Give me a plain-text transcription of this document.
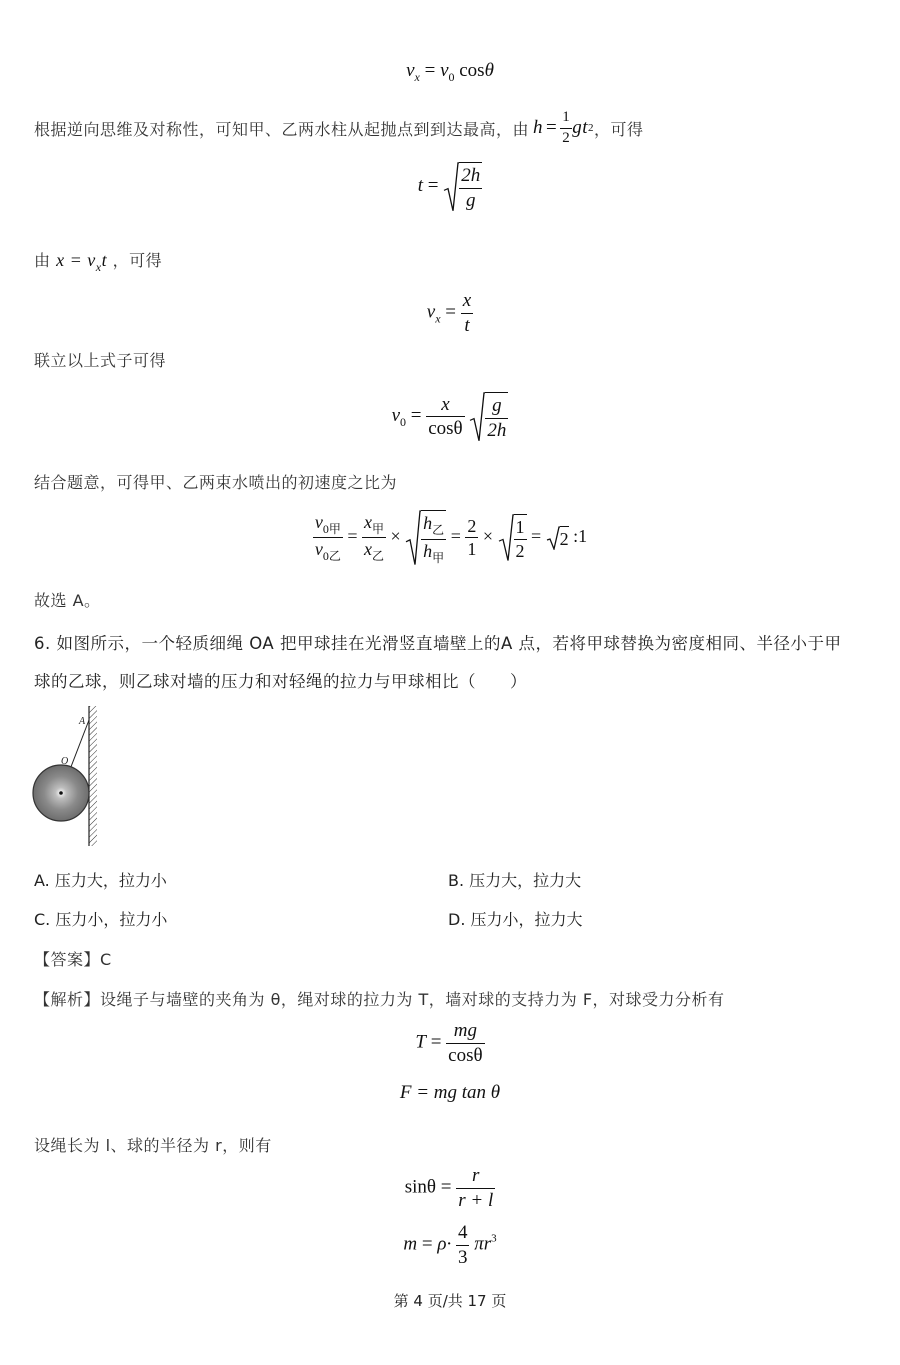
$v_x = v_0$ cosθ
根据逆向思维及对称性，可知甲、乙两水柱从起抛点到到达最高，由 $h = \frac{1}{2}$ gt 2 ，可得
$t = \frac{2h}{g}$
由 $x = v_xt$ ，可得
$v_x = \frac{x}{t}$
联立以上式子可得
$v_0 = \frac{x}{\cos\theta}$
$\frac{g}{2h}$
结合题意，可得甲、乙两束水喷出的初速度之比为
$\frac{v_{0甲}}{v_{0乙}} = \frac{x_甲}{x_乙} \times \frac{h_乙}{h_甲} = \frac{2}{1} \times \frac{1}{2} = 2$ :1
故选 A。
6. 如图所示，一个轻质细绳 OA 把甲球挂在光滑竖直墙壁上的A 点，若将甲球替换为密度相同、半径小于甲
球的乙球，则乙球对墙的压力和对轻绳的拉力与甲球相比（　　）
A
O
A. 压力大，拉力小	B. 压力大，拉力大
C. 压力小，拉力小	D. 压力小，拉力大
【答案】C
【解析】设绳子与墙壁的夹角为 θ，绳对球的拉力为 T，墙对球的支持力为 F，对球受力分析有
$T = \frac{mg}{\cos\theta}$
F = mg tan θ
设绳长为 l、球的半径为 r，则有
$\sin\theta = \frac{r}{r + l}$
$m = \rho\cdot \frac{4}{3} \pi r^3$
第 4 页/共 17 页
